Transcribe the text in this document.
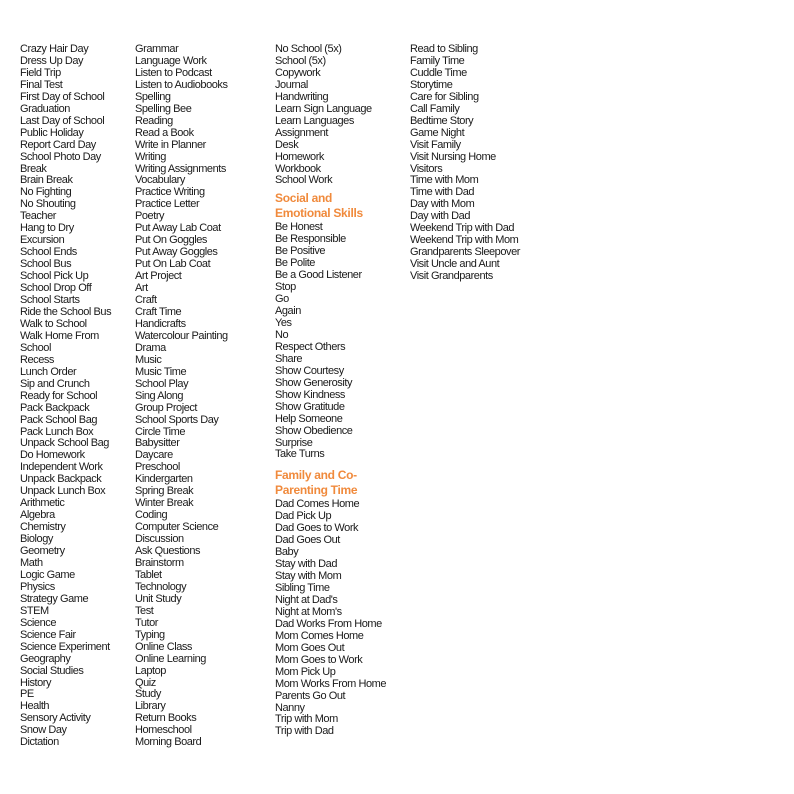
Crazy Hair Day
Dress Up Day
Field Trip
Final Test
First Day of School
Graduation
Last Day of School
Public Holiday
Report Card Day
School Photo Day
Break
Brain Break
No Fighting
No Shouting
Teacher
Hang to Dry
Excursion
School Ends
School Bus
School Pick Up
School Drop Off
School Starts
Ride the School Bus
Walk to School
Walk Home From
School
Recess
Lunch Order
Sip and Crunch
Ready for School
Pack Backpack
Pack School Bag
Pack Lunch Box
Unpack School Bag
Do Homework
Independent Work
Unpack Backpack
Unpack Lunch Box
Arithmetic
Algebra
Chemistry
Biology
Geometry
Math
Logic Game
Physics
Strategy Game
STEM
Science
Science Fair
Science Experiment
Geography
Social Studies
History
PE
Health
Sensory Activity
Snow Day
Dictation
Grammar
Language Work
Listen to Podcast
Listen to Audiobooks
Spelling
Spelling Bee
Reading
Read a Book
Write in Planner
Writing
Writing Assignments
Vocabulary
Practice Writing
Practice Letter
Poetry
Put Away Lab Coat
Put On Goggles
Put Away Goggles
Put On Lab Coat
Art Project
Art
Craft
Craft Time
Handicrafts
Watercolour Painting
Drama
Music
Music Time
School Play
Sing Along
Group Project
School Sports Day
Circle Time
Babysitter
Daycare
Preschool
Kindergarten
Spring Break
Winter Break
Coding
Computer Science
Discussion
Ask Questions
Brainstorm
Tablet
Technology
Unit Study
Test
Tutor
Typing
Online Class
Online Learning
Laptop
Quiz
Study
Library
Return Books
Homeschool
Morning Board
No School (5x)
School (5x)
Copywork
Journal
Handwriting
Learn Sign Language
Learn Languages
Assignment
Desk
Homework
Workbook
School Work
Social and Emotional Skills
Be Honest
Be Responsible
Be Positive
Be Polite
Be a Good Listener
Stop
Go
Again
Yes
No
Respect Others
Share
Show Courtesy
Show Generosity
Show Kindness
Show Gratitude
Help Someone
Show Obedience
Surprise
Take Turns
Family and Co-Parenting Time
Dad Comes Home
Dad Pick Up
Dad Goes to Work
Dad Goes Out
Baby
Stay with Dad
Stay with Mom
Sibling Time
Night at Dad's
Night at Mom's
Dad Works From Home
Mom Comes Home
Mom Goes Out
Mom Goes to Work
Mom Pick Up
Mom Works From Home
Parents Go Out
Nanny
Trip with Mom
Trip with Dad
Read to Sibling
Family Time
Cuddle Time
Storytime
Care for Sibling
Call Family
Bedtime Story
Game Night
Visit Family
Visit Nursing Home
Visitors
Time with Mom
Time with Dad
Day with Mom
Day with Dad
Weekend Trip with Dad
Weekend Trip with Mom
Grandparents Sleepover
Visit Uncle and Aunt
Visit Grandparents
